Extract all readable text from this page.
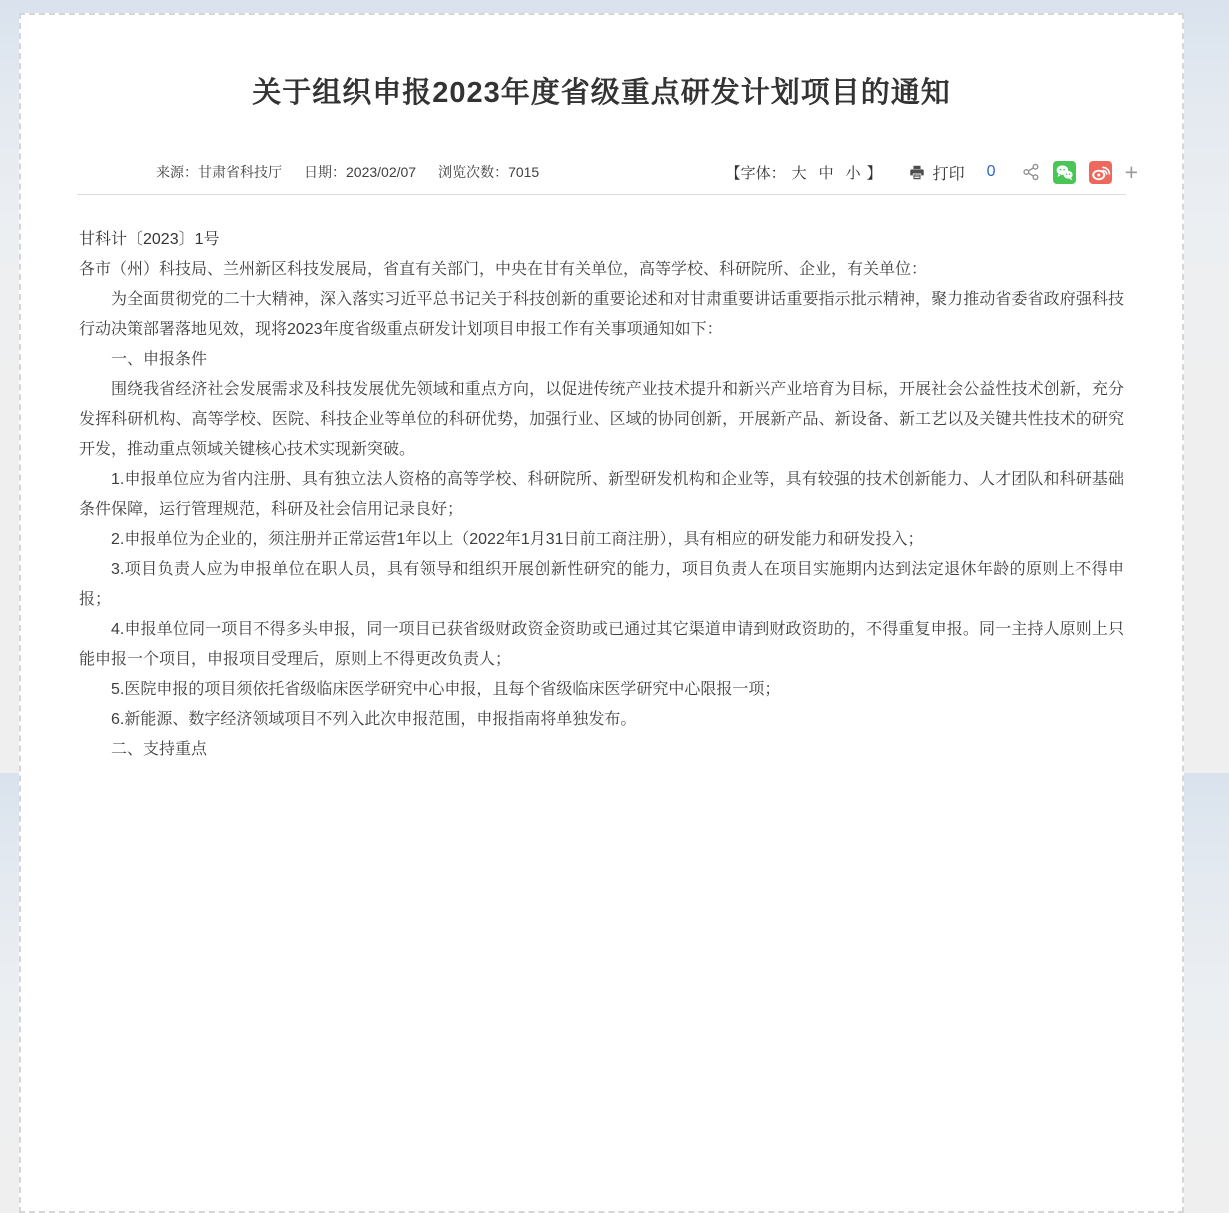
关于组织申报2023年度省级重点研发计划项目的通知
来源：甘肃省科技厅 日期：2023/02/07 浏览次数：7015	【字体： 大 中 小 】	打印 0	+

甘科计〔2023〕1号

各市（州）科技局、兰州新区科技发展局，省直有关部门，中央在甘有关单位，高等学校、科研院所、企业，有关单位：

为全面贯彻党的二十大精神，深入落实习近平总书记关于科技创新的重要论述和对甘肃重要讲话重要指示批示精神，聚力推动省委省政府强科技行动决策部署落地见效，现将2023年度省级重点研发计划项目申报工作有关事项通知如下：

一、申报条件

围绕我省经济社会发展需求及科技发展优先领域和重点方向，以促进传统产业技术提升和新兴产业培育为目标，开展社会公益性技术创新，充分发挥科研机构、高等学校、医院、科技企业等单位的科研优势，加强行业、区域的协同创新，开展新产品、新设备、新工艺以及关键共性技术的研究开发，推动重点领域关键核心技术实现新突破。

1.申报单位应为省内注册、具有独立法人资格的高等学校、科研院所、新型研发机构和企业等，具有较强的技术创新能力、人才团队和科研基础条件保障，运行管理规范，科研及社会信用记录良好；

2.申报单位为企业的，须注册并正常运营1年以上（2022年1月31日前工商注册），具有相应的研发能力和研发投入；

3.项目负责人应为申报单位在职人员，具有领导和组织开展创新性研究的能力，项目负责人在项目实施期内达到法定退休年龄的原则上不得申报；

4.申报单位同一项目不得多头申报，同一项目已获省级财政资金资助或已通过其它渠道申请到财政资助的，不得重复申报。同一主持人原则上只能申报一个项目，申报项目受理后，原则上不得更改负责人；

5.医院申报的项目须依托省级临床医学研究中心申报，且每个省级临床医学研究中心限报一项；

6.新能源、数字经济领域项目不列入此次申报范围，申报指南将单独发布。

二、支持重点
